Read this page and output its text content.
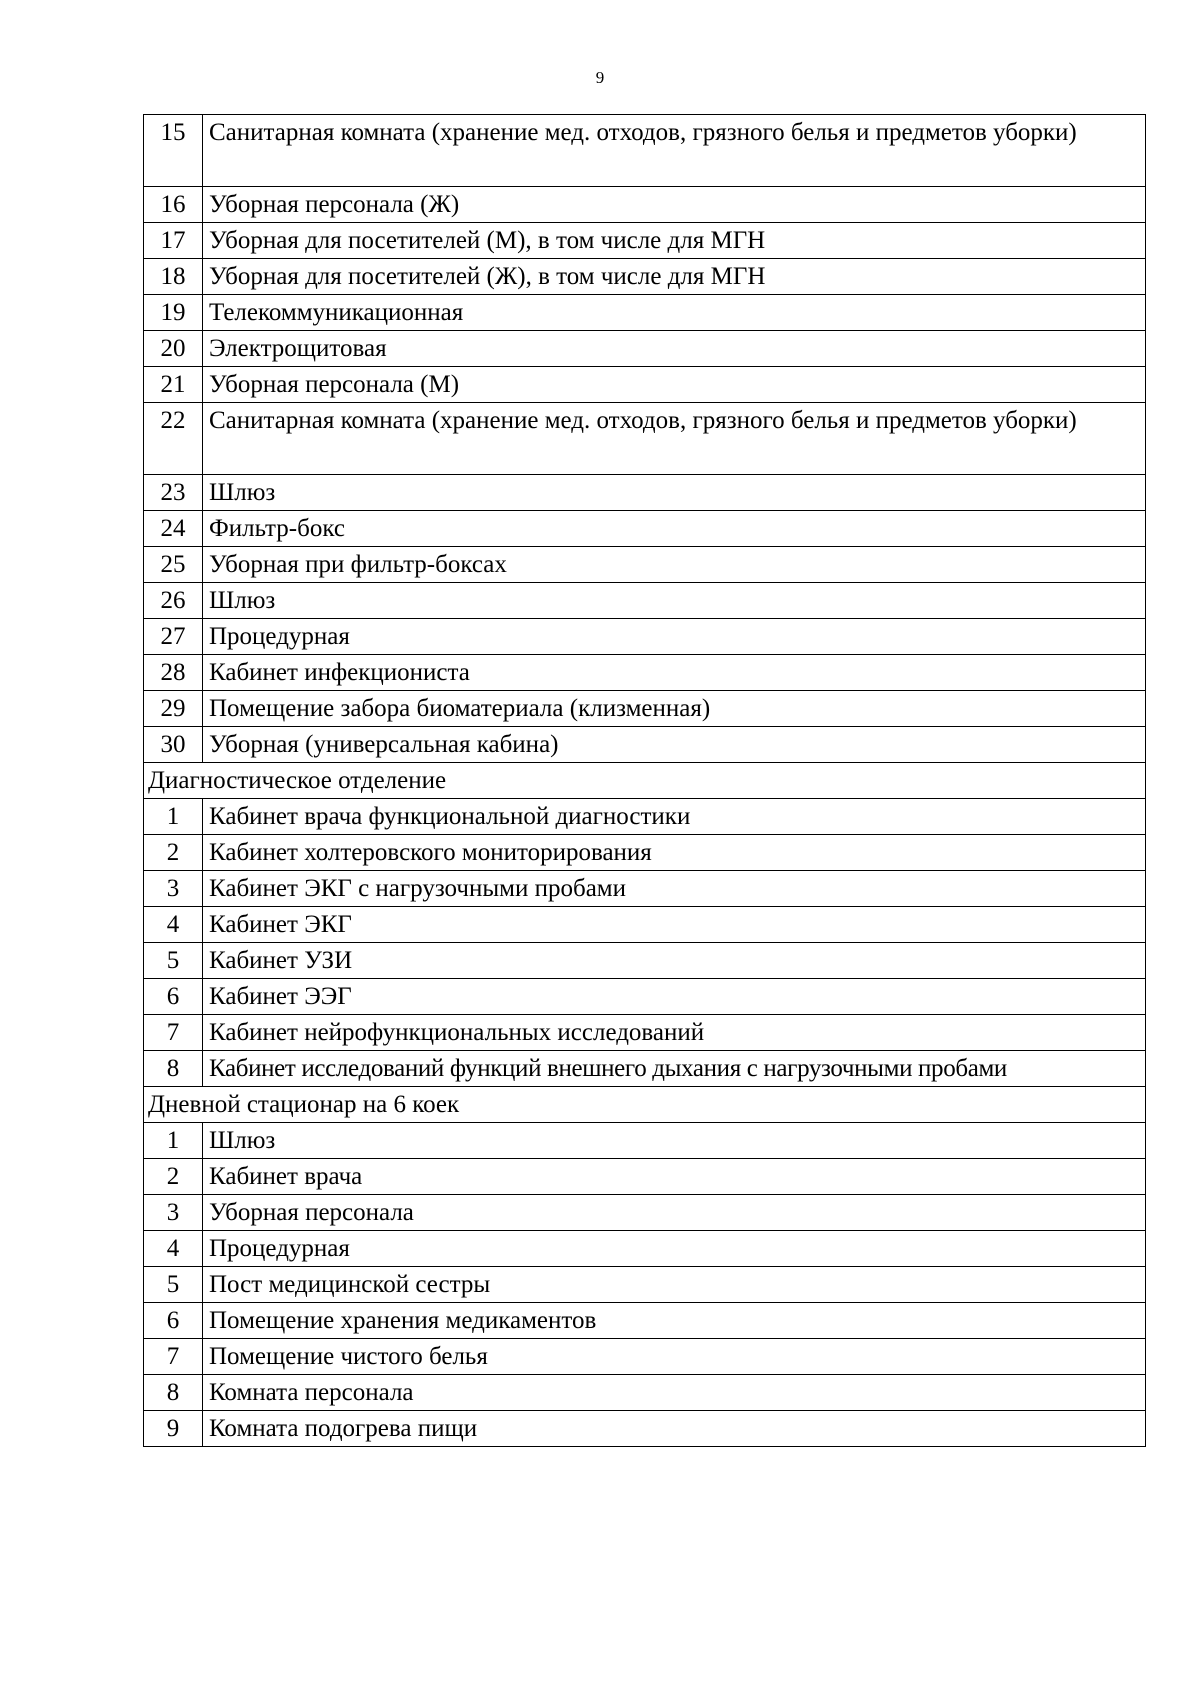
9
15	Санитарная комната (хранение мед. отходов, грязного белья и предметов уборки)
16	Уборная персонала (Ж)
17	Уборная для посетителей (М), в том числе для МГН
18	Уборная для посетителей (Ж), в том числе для МГН
19	Телекоммуникационная
20	Электрощитовая
21	Уборная персонала (М)
22	Санитарная комната (хранение мед. отходов, грязного белья и предметов уборки)
23	Шлюз
24	Фильтр-бокс
25	Уборная при фильтр-боксах
26	Шлюз
27	Процедурная
28	Кабинет инфекциониста
29	Помещение забора биоматериала (клизменная)
30	Уборная (универсальная кабина)
Диагностическое отделение	
1	Кабинет врача функциональной диагностики
2	Кабинет холтеровского мониторирования
3	Кабинет ЭКГ с нагрузочными пробами
4	Кабинет ЭКГ
5	Кабинет УЗИ
6	Кабинет ЭЭГ
7	Кабинет нейрофункциональных исследований
8	Кабинет исследований функций внешнего дыхания с нагрузочными пробами
Дневной стационар на 6 коек	
1	Шлюз
2	Кабинет врача
3	Уборная персонала
4	Процедурная
5	Пост медицинской сестры
6	Помещение хранения медикаментов
7	Помещение чистого белья
8	Комната персонала
9	Комната подогрева пищи
